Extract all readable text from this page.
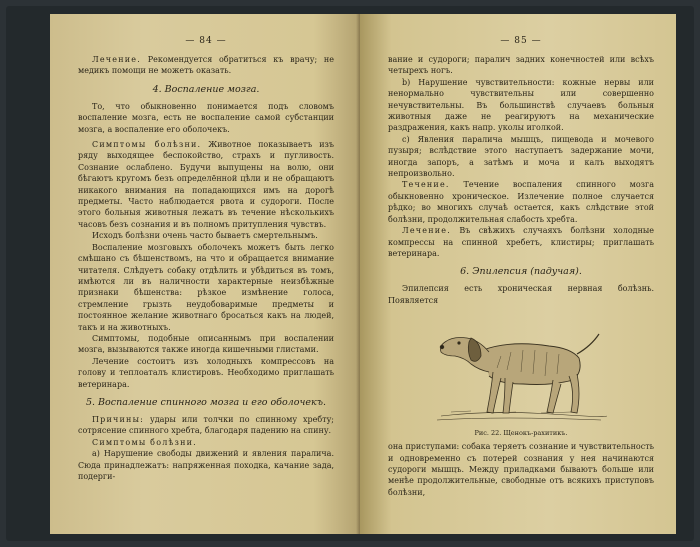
— 84 —

Лечение. Рекомендуется обратиться къ врачу; не медикъ помощи не можетъ оказать.

4. Воспаление мозга.

То, что обыкновенно понимается подъ словомъ воспаление мозга, есть не воспаление самой субстанции мозга, а воспаление его оболочекъ.

Симптомы болѣзни. Животное показываетъ изъ ряду выходящее беспокойство, страхъ и пугливость. Сознание ослаблено. Будучи выпущены на волю, они бѣгаютъ кругомъ безъ определённой цѣли и не обращаютъ никакого внимания на попадающихся имъ на дорогѣ предметы. Часто наблюдается рвота и судороги. После этого больныя животныя лежатъ въ течение нѣсколькихъ часовъ безъ сознания и въ полномъ притупления чувствъ.

Исходъ болѣзни очень часто бываетъ смертельнымъ.

Воспаление мозговыхъ оболочекъ можетъ быть легко смѣшано съ бѣшенствомъ, на что и обращается внимание читателя. Слѣдуетъ собаку отдѣлить и убѣдиться въ томъ, имѣются ли въ наличности характерные неизбѣжные признаки бѣшенства: рѣзкое измѣнение голоса, стремление грызть неудобоваримые предметы и постоянное желание животнаго бросаться какъ на людей, такъ и на животныхъ.

Симптомы, подобные описаннымъ при воспалении мозга, вызываются также иногда кишечными глистами.

Лечение состоитъ изъ холодныхъ компрессовъ на голову и теплоаталъ клистировъ. Необходимо приглашать ветеринара.

5. Воспаление спинного мозга и его оболочекъ.

Причины: удары или толчки по спинному хребту; сотрясение спинного хребта, благодаря падению на спину.

Симптомы болѣзни.

а) Нарушение свободы движений и явления паралича. Сюда принадлежатъ: напряженная походка, качание зада, подерги-

— 85 —

вание и судороги; паралич задних конечностей или всѣхъ четырехъ ногъ.

b) Нарушение чувствительности: кожные нервы или ненормально чувствительны или совершенно нечувствительны. Въ большинствѣ случаевъ больныя животныя даже не реагируютъ на механические раздражения, какъ напр. уколы иголкой.

с) Явления паралича мышцъ, пищевода и мочевого пузыря; вслѣдствие этого наступаетъ задержание мочи, иногда запоръ, а затѣмъ и моча и калъ выходятъ непроизвольно.

Течение. Течение воспаления спинного мозга обыкновенно хроническое. Излечение полное случается рѣдко; во многихъ случаѣ остается, какъ слѣдствие этой болѣзни, продолжительная слабость хребта.

Лечение. Въ свѣжихъ случаяхъ болѣзни холодные компрессы на спинной хребетъ, клистиры; приглашать ветеринара.

6. Эпилепсия (падучая).

Эпилепсия есть хроническая нервная болѣзнь. Появляется

Рис. 22. Щенокъ-рахитикъ.

она приступами: собака теряетъ сознание и чувствительность и одновременно съ потерей сознания у нея начинаются судороги мышцъ. Между приладками бываютъ больше или менѣе продолжительные, свободные отъ всякихъ приступовъ болѣзни,
